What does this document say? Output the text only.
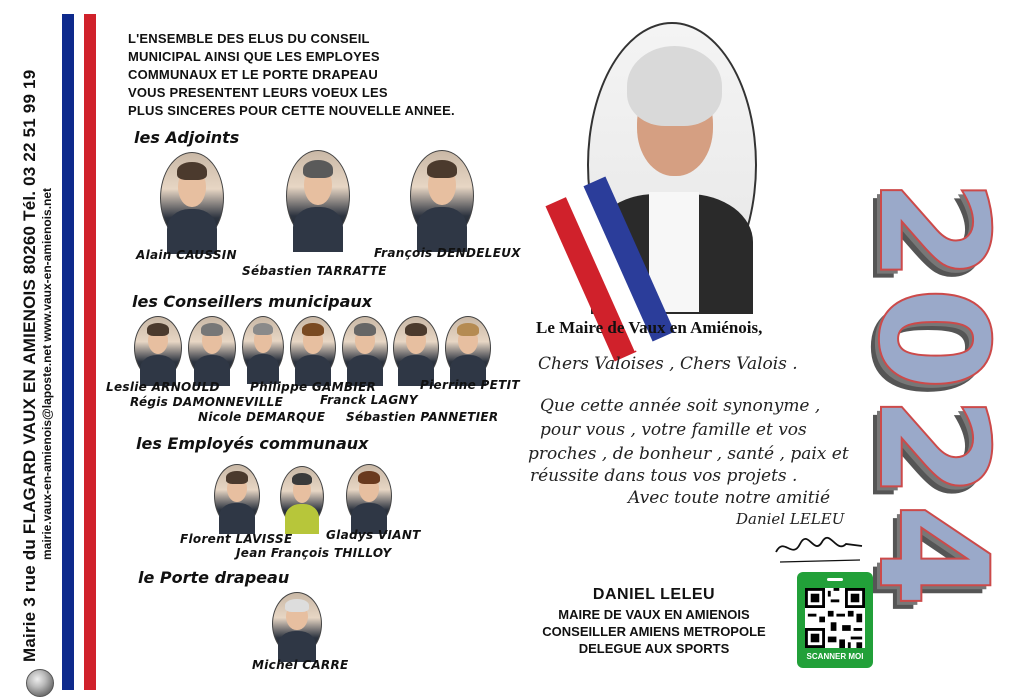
Mairie 3 rue du FLAGARD VAUX EN AMIENOIS 80260 Tél. 03 22 51 99 19 mairie.vaux-en-amienois@laposte.net www.vaux-en-amienois.net
L'ENSEMBLE DES ELUS DU CONSEIL
MUNICIPAL AINSI QUE LES EMPLOYES
COMMUNAUX ET LE PORTE DRAPEAU
VOUS PRESENTENT LEURS VOEUX LES
PLUS SINCERES POUR CETTE NOUVELLE ANNEE.
les Adjoints
Alain CAUSSIN
Sébastien TARRATTE
François DENDELEUX
les Conseillers municipaux
Leslie ARNOULD
Régis DAMONNEVILLE
Nicole DEMARQUE
Philippe GAMBIER
Franck LAGNY
Sébastien PANNETIER
Pierrine PETIT
les Employés communaux
Florent LAVISSE
Jean François THILLOY
Gladys VIANT
le Porte drapeau
Michel CARRE
Le Maire de Vaux en Amiénois,
Chers Valoises , Chers Valois .
Que cette année soit synonyme ,
pour vous , votre famille et vos
proches , de bonheur , santé , paix et
réussite dans tous vos projets .
Avec toute notre amitié
Daniel LELEU
DANIEL LELEU
MAIRE DE VAUX EN AMIENOIS
CONSEILLER AMIENS METROPOLE
DELEGUE AUX SPORTS
SCANNER MOI
2024
